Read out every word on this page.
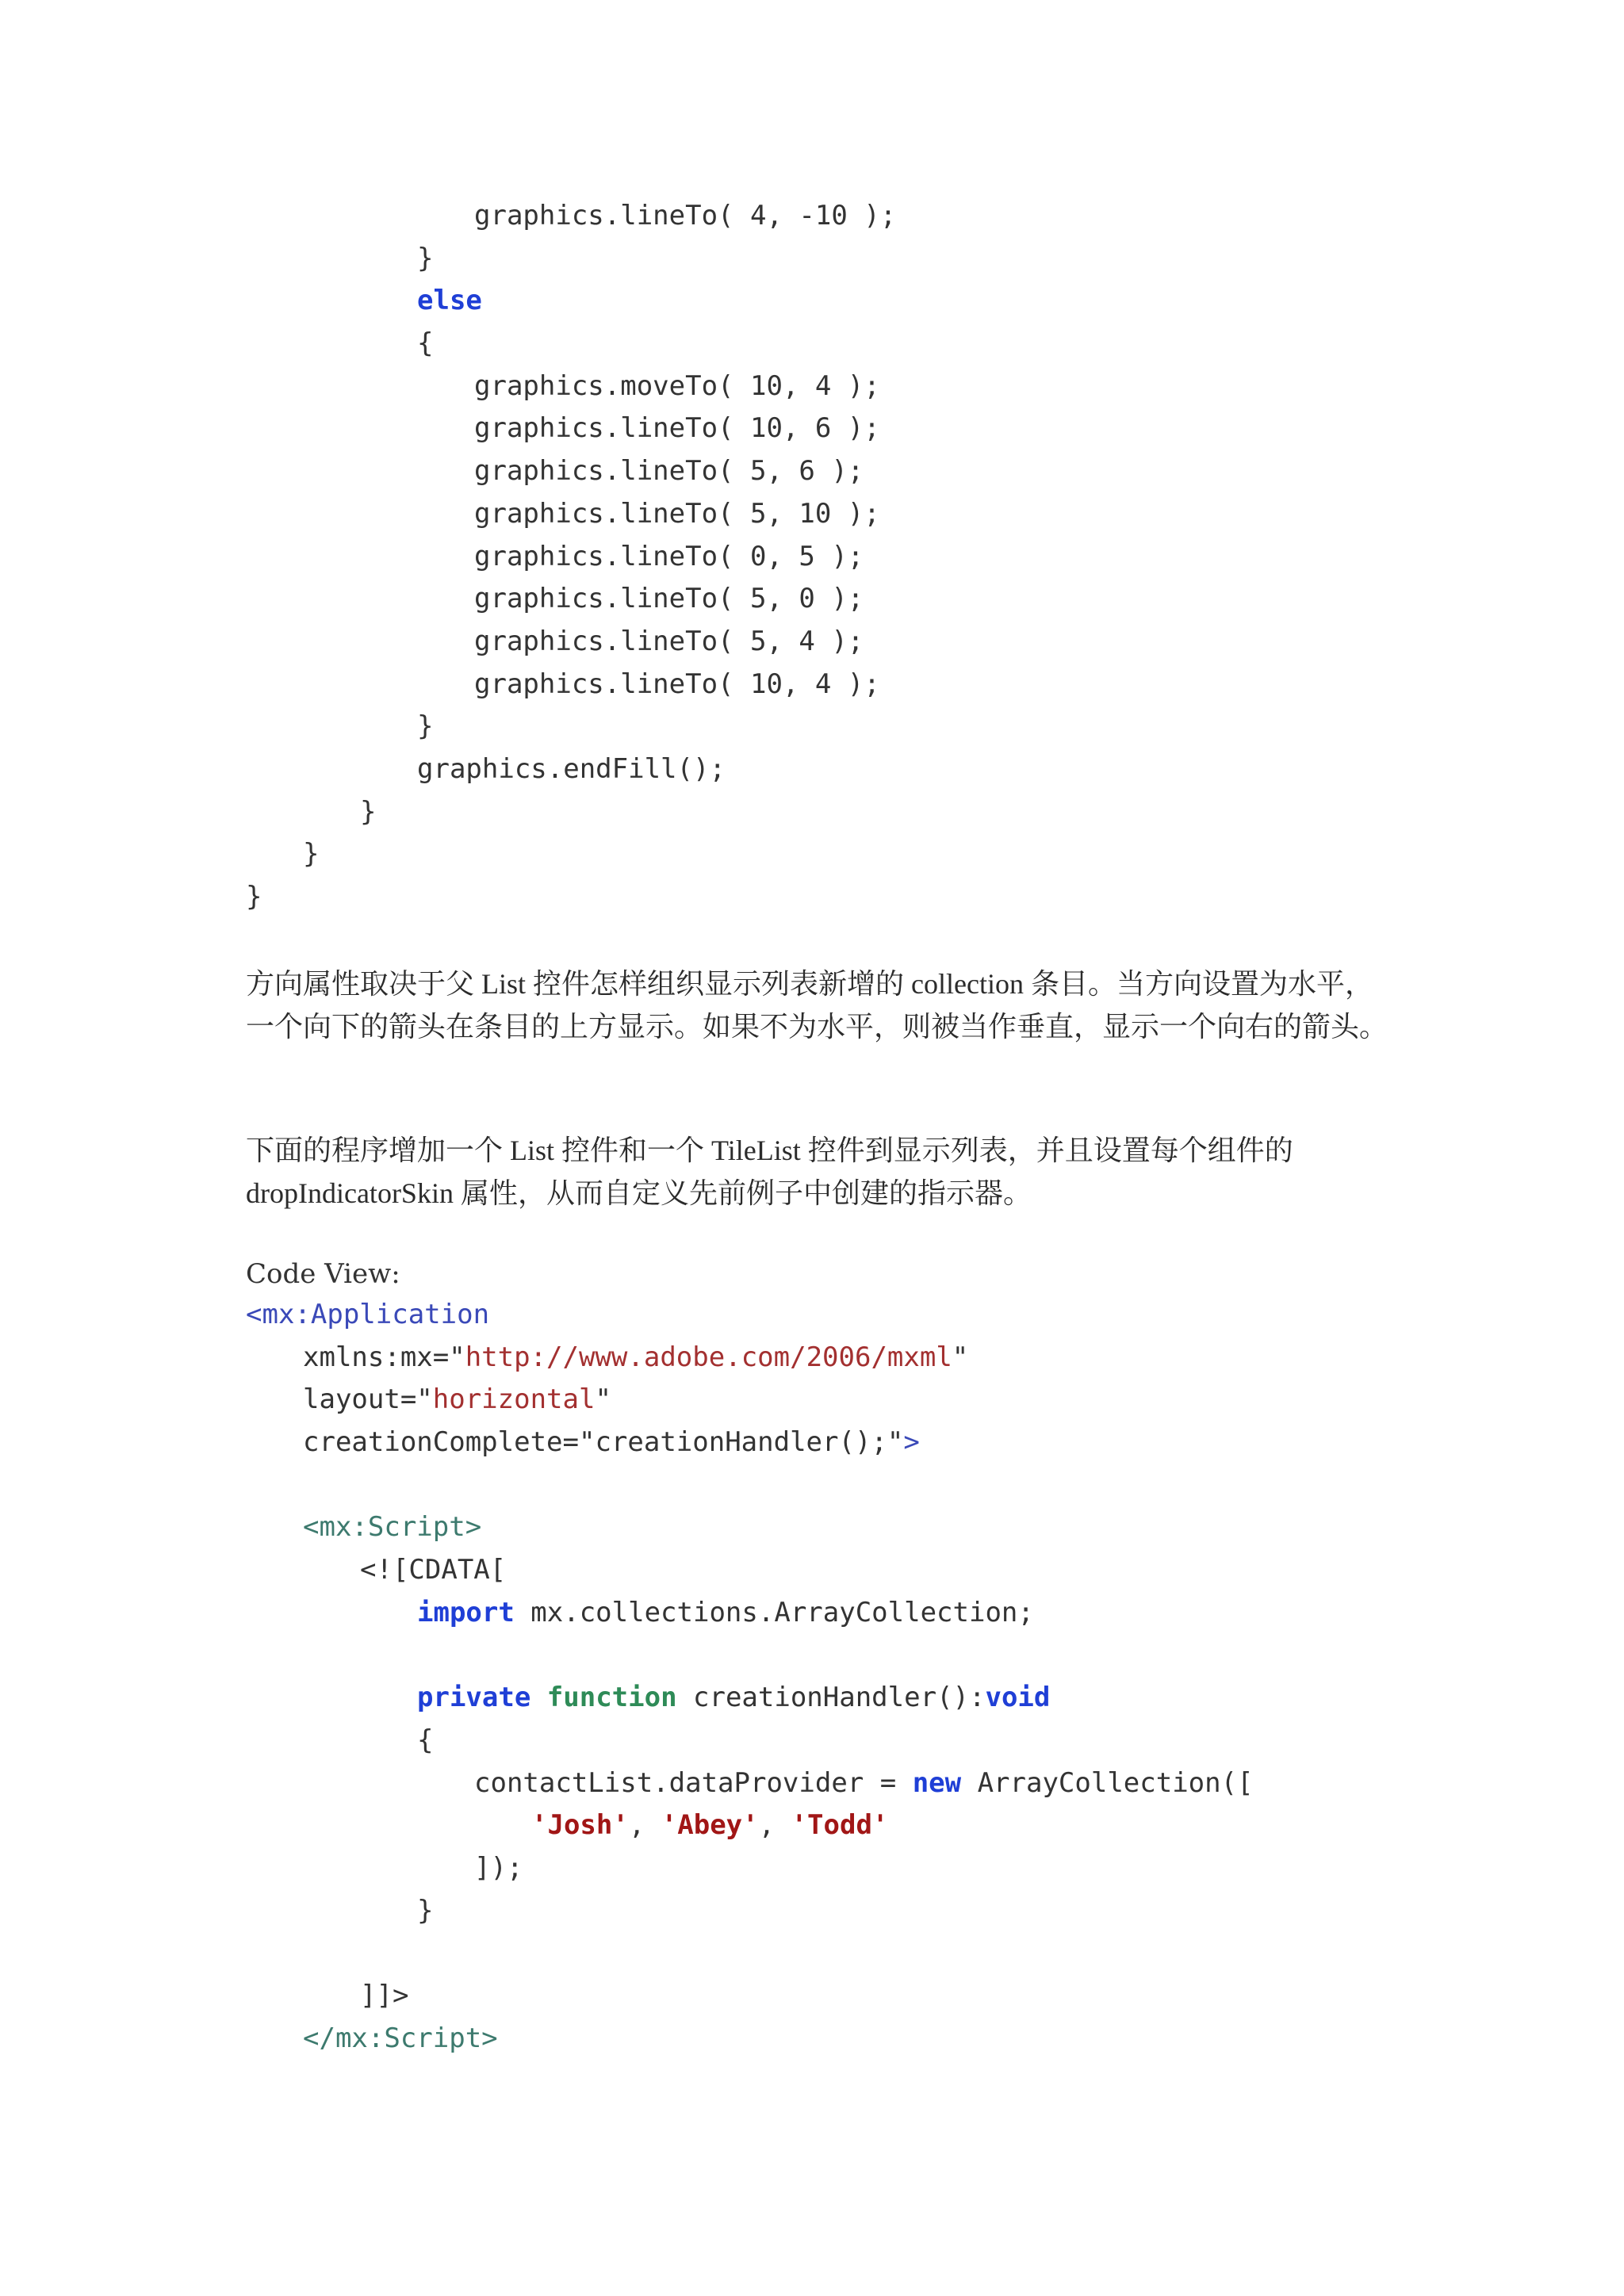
graphics.lineTo( 4, -10 );
}
else
{
graphics.moveTo( 10, 4 );
graphics.lineTo( 10, 6 );
graphics.lineTo( 5, 6 );
graphics.lineTo( 5, 10 );
graphics.lineTo( 0, 5 );
graphics.lineTo( 5, 0 );
graphics.lineTo( 5, 4 );
graphics.lineTo( 10, 4 );
}
graphics.endFill();
}
}
}
方向属性取决于父 List 控件怎样组织显示列表新增的 collection 条目。当方向设置为水平，一个向下的箭头在条目的上方显示。如果不为水平，则被当作垂直，显示一个向右的箭头。
下面的程序增加一个 List 控件和一个 TileList 控件到显示列表，并且设置每个组件的 dropIndicatorSkin 属性，从而自定义先前例子中创建的指示器。
Code View:
<mx:Application
xmlns:mx="http://www.adobe.com/2006/mxml"
layout="horizontal"
creationComplete="creationHandler();">
<mx:Script>
<![CDATA[
import mx.collections.ArrayCollection;
private function creationHandler():void
{
contactList.dataProvider = new ArrayCollection([
'Josh', 'Abey', 'Todd'
]);
}
]]>
</mx:Script>
